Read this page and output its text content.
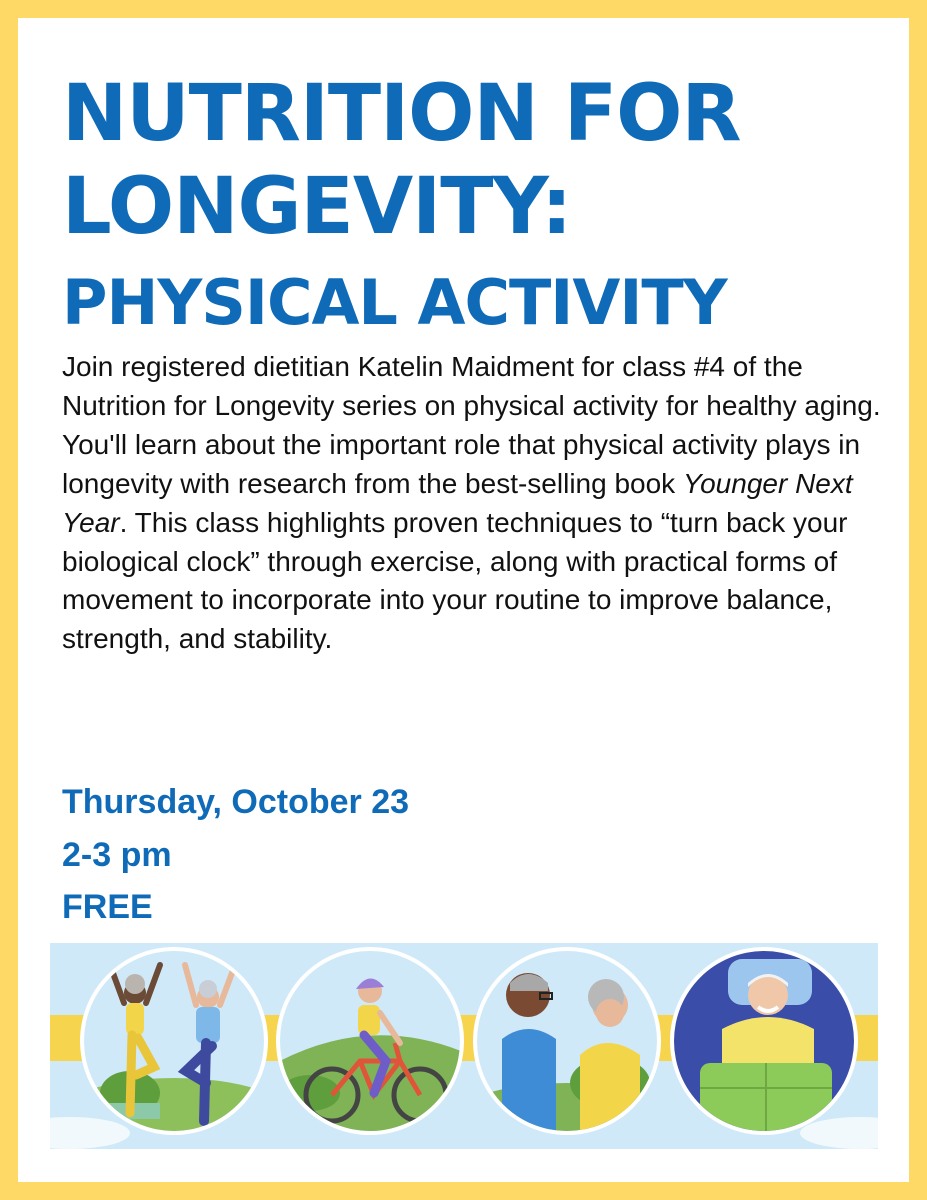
NUTRITION FOR
LONGEVITY:
PHYSICAL ACTIVITY

Join registered dietitian Katelin Maidment for class #4 of the Nutrition for Longevity series on physical activity for healthy aging. You'll learn about the important role that physical activity plays in longevity with research from the best-selling book Younger Next Year. This class highlights proven techniques to “turn back your biological clock” through exercise, along with practical forms of movement to incorporate into your routine to improve balance, strength, and stability.

Thursday, October 23

2-3 pm

FREE
